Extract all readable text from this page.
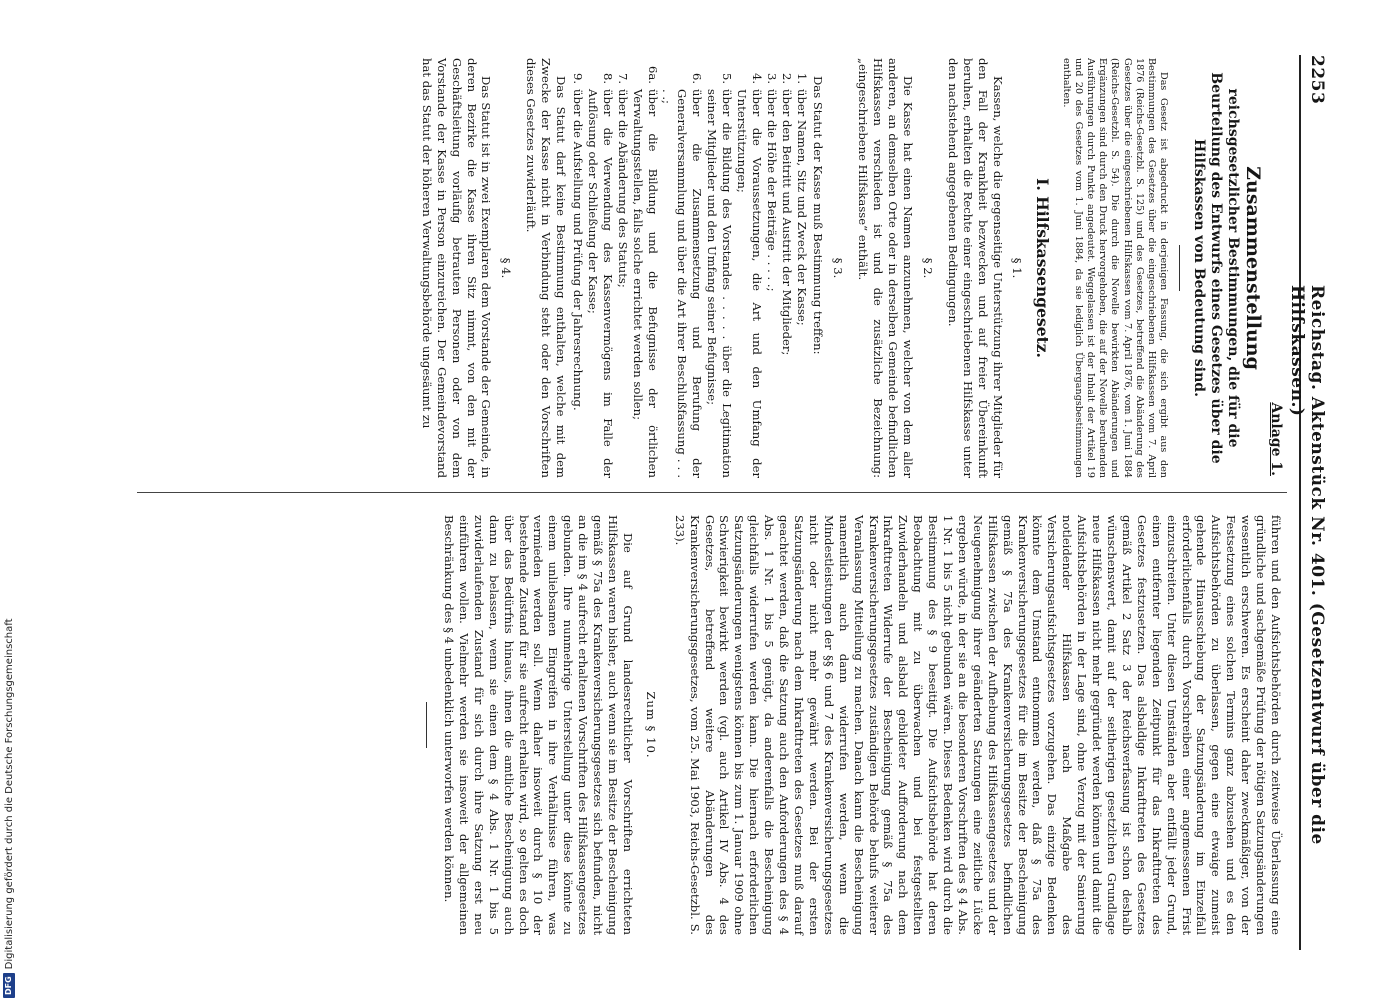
2253
Reichstag. Aktenstück Nr. 401. (Gesetzentwurf über die Hilfskassen.)
Anlage 1.
Zusammenstellung
reichsgesetzlicher Bestimmungen, die für die Beurteilung des Entwurfs eines Gesetzes über die Hilfskassen von Bedeutung sind.
Das Gesetz ist abgedruckt in derjenigen Fassung, die sich ergibt aus den Bestimmungen des Gesetzes über die eingeschriebenen Hilfskassen vom 7. April 1876 (Reichs-Gesetzbl. S. 125) und des Gesetzes, betreffend die Abänderung des Gesetzes über die eingeschriebenen Hilfskassen vom 7. April 1876, vom 1. Juni 1884 (Reichs-Gesetzbl. S. 54). Die durch die Novelle bewirkten Abänderungen und Ergänzungen sind durch den Druck hervorgehoben, die auf der Novelle beruhenden Ausführungen durch Punkte angedeutet. Weggelassen ist der Inhalt der Artikel 19 und 20 des Gesetzes vom 1. Juni 1884, da sie lediglich Übergangsbestimmungen enthalten.
I. Hilfskassengesetz.
§ 1.

Kassen, welche die gegenseitige Unterstützung ihrer Mitglieder für den Fall der Krankheit bezwecken und auf freier Übereinkunft beruhen, erhalten die Rechte einer eingeschriebenen Hilfskasse unter den nachstehend angegebenen Bedingungen.

§ 2.

Die Kasse hat einen Namen anzunehmen, welcher von dem aller anderen, an demselben Orte oder in derselben Gemeinde befindlichen Hilfskassen verschieden ist und die zusätzliche Bezeichnung: „eingeschriebene Hilfskasse“ enthält.

§ 3.

Das Statut der Kasse muß Bestimmung treffen:

1.
über Namen, Sitz und Zweck der Kasse;
2.
über den Beitritt und Austritt der Mitglieder;
3.
über die Höhe der Beiträge . . . . .;
4.
über die Voraussetzungen, die Art und den Umfang der Unterstützungen;
5.
über die Bildung des Vorstandes . . . . . über die Legitimation seiner Mitglieder und den Umfang seiner Befugnisse;
6.
über die Zusammensetzung und Berufung der Generalversammlung und über die Art ihrer Beschlußfassung . . . . .;
6a.
über die Bildung und die Befugnisse der örtlichen Verwaltungsstellen, falls solche errichtet werden sollen;
7.
über die Abänderung des Statuts;
8.
über die Verwendung des Kassenvermögens im Falle der Auflösung oder Schließung der Kasse;
9.
über die Aufstellung und Prüfung der Jahresrechnung.

Das Statut darf keine Bestimmung enthalten, welche mit dem Zwecke der Kasse nicht in Verbindung steht oder den Vorschriften dieses Gesetzes zuwiderläuft.

§ 4.

Das Statut ist in zwei Exemplaren dem Vorstande der Gemeinde, in deren Bezirke die Kasse ihren Sitz nimmt, von den mit der Geschäftsleitung vorläufig betrauten Personen oder von dem Vorstande der Kasse in Person einzureichen. Der Gemeindevorstand hat das Statut der höheren Verwaltungsbehörde ungesäumt zu

führen und den Aufsichtsbehörden durch zeitweise Überlassung eine gründliche und sachgemäße Prüfung der nötigen Satzungsänderungen wesentlich erschweren. Es erscheint daher zweckmäßiger, von der Festsetzung eines solchen Termins ganz abzusehen und es den Aufsichtsbehörden zu überlassen, gegen eine etwaige zumeist gehende Hinausschiebung der Satzungsänderung im Einzelfall erforderlichenfalls durch Vorschreiben einer angemessenen Frist einzuschreiten. Unter diesen Umständen aber entfällt jeder Grund, einen entfernter liegenden Zeitpunkt für das Inkrafttreten des Gesetzes festzusetzen. Das alsbaldige Inkrafttreten des Gesetzes gemäß Artikel 2 Satz 3 der Reichsverfassung ist schon deshalb wünschenswert, damit auf der seitherigen gesetzlichen Grundlage neue Hilfskassen nicht mehr gegründet werden können und damit die Aufsichtsbehörden in der Lage sind, ohne Verzug mit der Sanierung notleidender Hilfskassen nach Maßgabe des Versicherungsaufsichtsgesetzes vorzugehen. Das einzige Bedenken könnte dem Umstand entnommen werden, daß § 75a des Krankenversicherungsgesetzes für die im Besitze der Bescheinigung gemäß § 75a des Krankenversicherungsgesetzes befindlichen Hilfskassen zwischen der Aufhebung des Hilfskassengesetzes und der Neugenehmigung ihrer geänderten Satzungen eine zeitliche Lücke ergeben würde, in der sie an die besonderen Vorschriften des § 4 Abs. 1 Nr. 1 bis 5 nicht gebunden wären. Dieses Bedenken wird durch die Bestimmung des § 9 beseitigt. Die Aufsichtsbehörde hat deren Beobachtung mit zu überwachen und bei festgestellten Zuwiderhandeln und alsbald gebildeter Aufforderung nach dem Inkrafttreten Widerrufe der Bescheinigung gemäß § 75a des Krankenversicherungsgesetzes zuständigen Behörde behufs weiterer Veranlassung Mitteilung zu machen. Danach kann die Bescheinigung namentlich auch dann widerrufen werden, wenn die Mindestleistungen der §§ 6 und 7 des Krankenversicherungsgesetzes nicht oder nicht mehr gewährt werden. Bei der ersten Satzungsänderung nach dem Inkrafttreten des Gesetzes muß darauf geachtet werden, daß die Satzung auch den Anforderungen des § 4 Abs. 1 Nr. 1 bis 5 genügt, da anderenfalls die Bescheinigung gleichfalls widerrufen werden kann. Die hiernach erforderlichen Satzungsänderungen wenigstens können bis zum 1. Januar 1909 ohne Schwierigkeit bewirkt werden (vgl. auch Artikel IV Abs. 4 des Gesetzes, betreffend weitere Abänderungen des Krankenversicherungsgesetzes, vom 25. Mai 1903, Reichs-Gesetzbl. S. 233).

Zum § 10.

Die auf Grund landesrechtlicher Vorschriften errichteten Hilfskassen waren bisher, auch wenn sie im Besitze der Bescheinigung gemäß § 75a des Krankenversicherungsgesetzes sich befunden, nicht an die im § 4 aufrecht erhaltenen Vorschriften des Hilfskassengesetzes gebunden. Ihre nunmehrige Unterstellung unter diese könnte zu einem unliebsamen Eingreifen in ihre Verhältnisse führen, was vermieden werden soll. Wenn daher insoweit durch § 10 der bestehende Zustand für sie aufrecht erhalten wird, so gelten es doch über das Bedürfnis hinaus, ihnen die amtliche Bescheinigung auch dann zu belassen, wenn sie einen dem § 4 Abs. 1 Nr. 1 bis 5 zuwiderlaufenden Zustand für sich durch ihre Satzung erst neu einführen wollen. Vielmehr werden sie insoweit der allgemeinen Beschränkung des § 4 unbedenklich unterworfen werden können.

DFG
Digitalisierung gefördert durch die Deutsche Forschungsgemeinschaft
